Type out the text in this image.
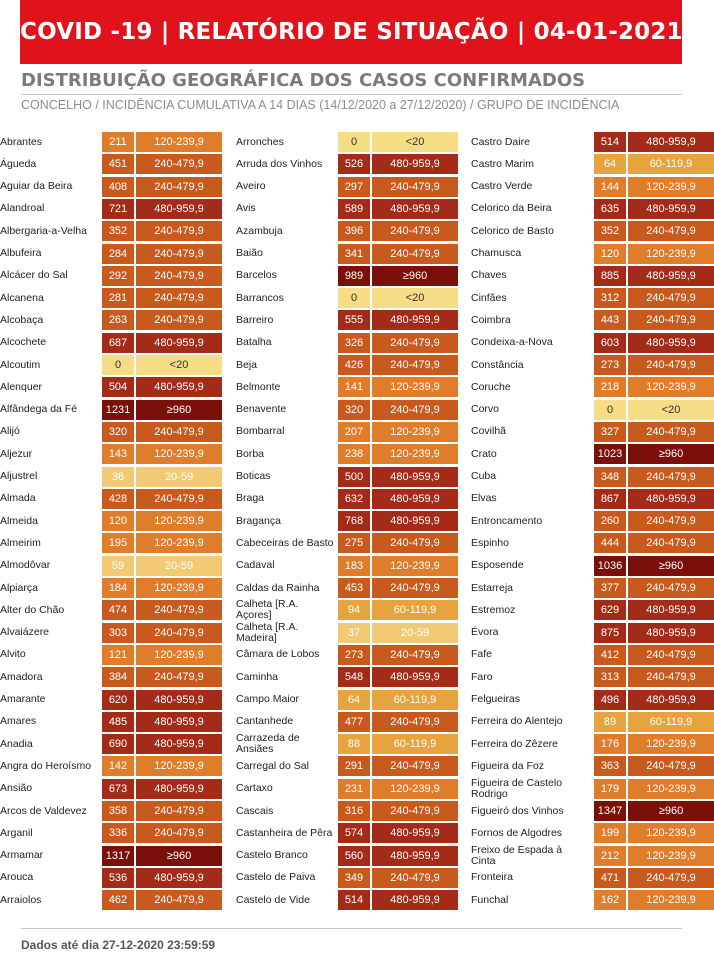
COVID -19 | RELATÓRIO DE SITUAÇÃO | 04-01-2021
DISTRIBUIÇÃO GEOGRÁFICA DOS CASOS CONFIRMADOS
CONCELHO / INCIDÊNCIA CUMULATIVA A 14 DIAS (14/12/2020 a 27/12/2020) / GRUPO DE INCIDÊNCIA
Abrantes	211	120-239,9
Águeda	451	240-479,9
Aguiar da Beira	408	240-479,9
Alandroal	721	480-959,9
Albergaria-a-Velha	352	240-479,9
Albufeira	284	240-479,9
Alcácer do Sal	292	240-479,9
Alcanena	281	240-479,9
Alcobaça	263	240-479,9
Alcochete	687	480-959,9
Alcoutim	0	<20
Alenquer	504	480-959,9
Alfândega da Fé	1231	≥960
Alijó	320	240-479,9
Aljezur	143	120-239,9
Aljustrel	36	20-59
Almada	428	240-479,9
Almeida	120	120-239,9
Almeirim	195	120-239,9
Almodôvar	59	20-59
Alpiarça	184	120-239,9
Alter do Chão	474	240-479,9
Alvaiázere	303	240-479,9
Alvito	121	120-239,9
Amadora	384	240-479,9
Amarante	620	480-959,9
Amares	485	480-959,9
Anadia	690	480-959,9
Angra do Heroísmo	142	120-239,9
Ansião	673	480-959,9
Arcos de Valdevez	358	240-479,9
Arganil	336	240-479,9
Armamar	1317	≥960
Arouca	536	480-959,9
Arraiolos	462	240-479,9
Arronches	0	<20
Arruda dos Vinhos	526	480-959,9
Aveiro	297	240-479,9
Avis	589	480-959,9
Azambuja	396	240-479,9
Baião	341	240-479,9
Barcelos	989	≥960
Barrancos	0	<20
Barreiro	555	480-959,9
Batalha	326	240-479,9
Beja	426	240-479,9
Belmonte	141	120-239,9
Benavente	320	240-479,9
Bombarral	207	120-239,9
Borba	238	120-239,9
Boticas	500	480-959,9
Braga	632	480-959,9
Bragança	768	480-959,9
Cabeceiras de Basto	275	240-479,9
Cadaval	183	120-239,9
Caldas da Rainha	453	240-479,9
Calheta [R.A. Açores]	94	60-119,9
Calheta [R.A. Madeira]	37	20-59
Câmara de Lobos	273	240-479,9
Caminha	548	480-959,9
Campo Maior	64	60-119,9
Cantanhede	477	240-479,9
Carrazeda de Ansiães	88	60-119,9
Carregal do Sal	291	240-479,9
Cartaxo	231	120-239,9
Cascais	316	240-479,9
Castanheira de Pêra	574	480-959,9
Castelo Branco	560	480-959,9
Castelo de Paiva	349	240-479,9
Castelo de Vide	514	480-959,9
Castro Daire	514	480-959,9
Castro Marim	64	60-119,9
Castro Verde	144	120-239,9
Celorico da Beira	635	480-959,9
Celorico de Basto	352	240-479,9
Chamusca	120	120-239,9
Chaves	885	480-959,9
Cinfães	312	240-479,9
Coimbra	443	240-479,9
Condeixa-a-Nova	603	480-959,9
Constância	273	240-479,9
Coruche	218	120-239,9
Corvo	0	<20
Covilhã	327	240-479,9
Crato	1023	≥960
Cuba	348	240-479,9
Elvas	867	480-959,9
Entroncamento	260	240-479,9
Espinho	444	240-479,9
Esposende	1036	≥960
Estarreja	377	240-479,9
Estremoz	629	480-959,9
Évora	875	480-959,9
Fafe	412	240-479,9
Faro	313	240-479,9
Felgueiras	496	480-959,9
Ferreira do Alentejo	89	60-119,9
Ferreira do Zêzere	176	120-239,9
Figueira da Foz	363	240-479,9
Figueira de Castelo Rodrigo	179	120-239,9
Figueiró dos Vinhos	1347	≥960
Fornos de Algodres	199	120-239,9
Freixo de Espada à Cinta	212	120-239,9
Fronteira	471	240-479,9
Funchal	162	120-239,9
Dados até dia 27-12-2020 23:59:59
